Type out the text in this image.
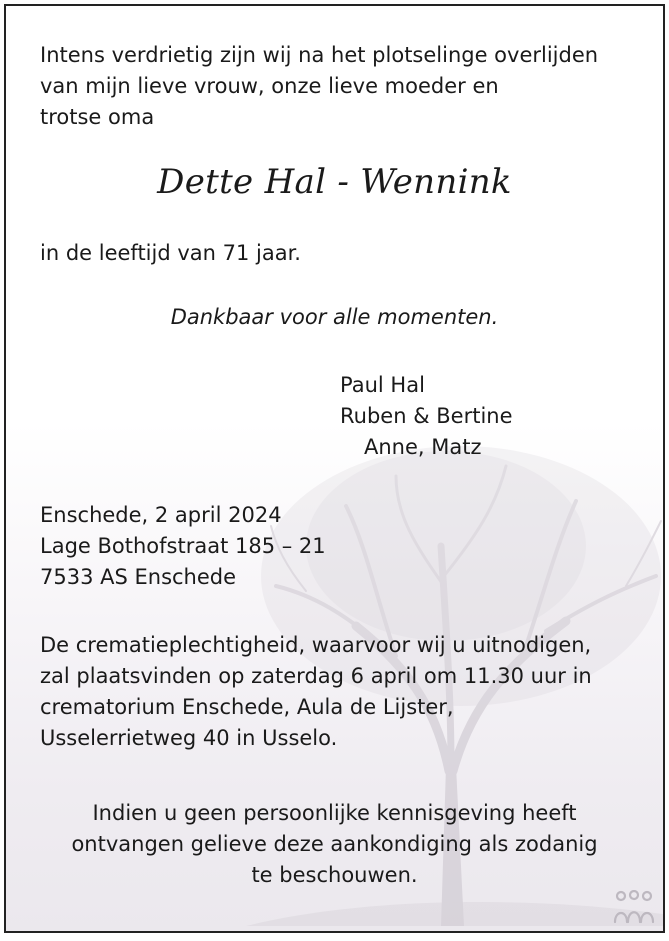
Intens verdrietig zijn wij na het plotselinge overlijden
van mijn lieve vrouw, onze lieve moeder en
trotse oma

Dette Hal - Wennink

in de leeftijd van 71 jaar.

Dankbaar voor alle momenten.

Paul Hal

Ruben & Bertine

Anne, Matz

Enschede, 2 april 2024
Lage Bothofstraat 185 – 21
7533 AS Enschede

De crematieplechtigheid, waarvoor wij u uitnodigen,
zal plaatsvinden op zaterdag 6 april om 11.30 uur in
crematorium Enschede, Aula de Lijster,
Usselerrietweg 40 in Usselo.

Indien u geen persoonlijke kennisgeving heeft
ontvangen gelieve deze aankondiging als zodanig
te beschouwen.
